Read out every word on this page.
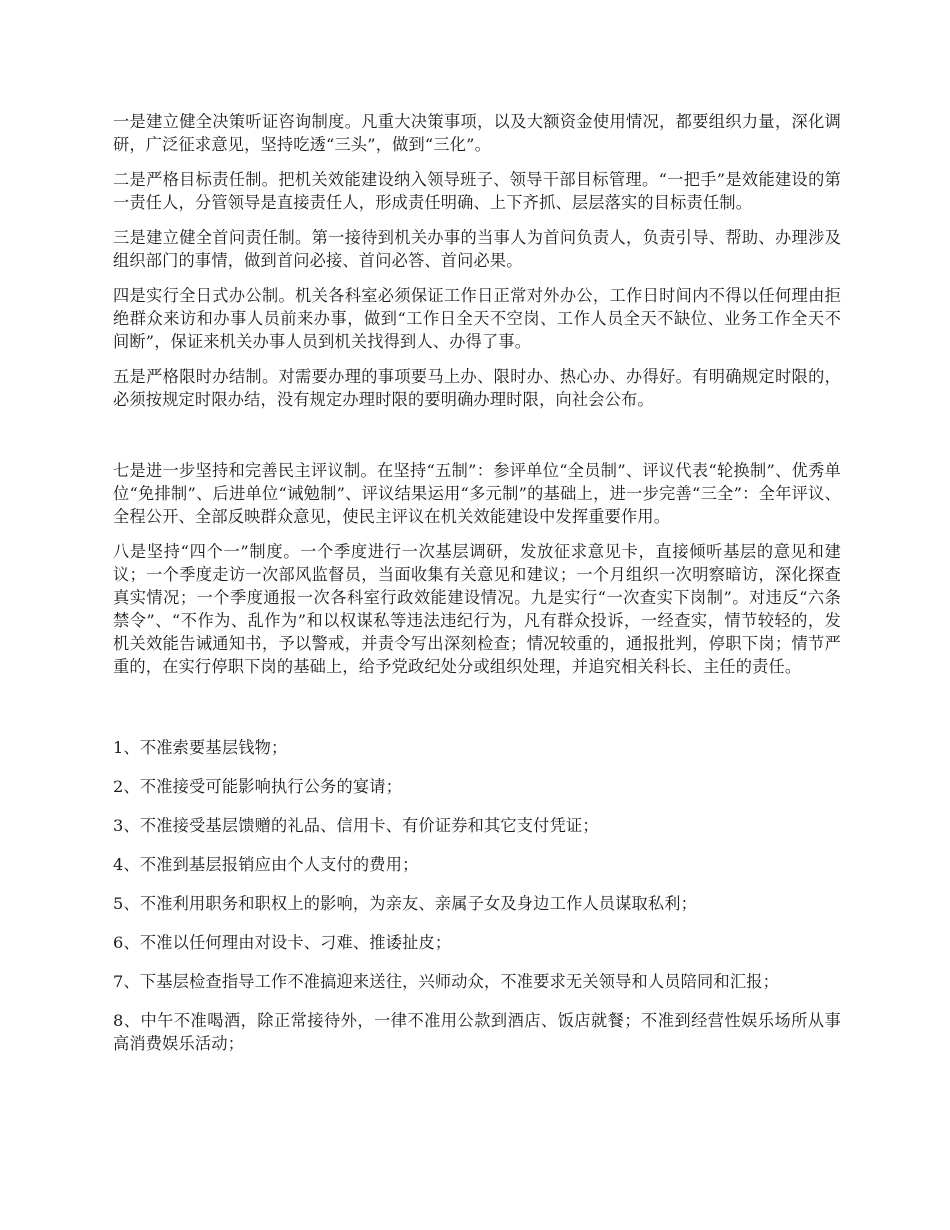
一是建立健全决策听证咨询制度。凡重大决策事项，以及大额资金使用情况，都要组织力量，深化调研，广泛征求意见，坚持吃透“三头”，做到“三化”。

二是严格目标责任制。把机关效能建设纳入领导班子、领导干部目标管理。“一把手”是效能建设的第一责任人，分管领导是直接责任人，形成责任明确、上下齐抓、层层落实的目标责任制。

三是建立健全首问责任制。第一接待到机关办事的当事人为首问负责人，负责引导、帮助、办理涉及组织部门的事情，做到首问必接、首问必答、首问必果。

四是实行全日式办公制。机关各科室必须保证工作日正常对外办公，工作日时间内不得以任何理由拒绝群众来访和办事人员前来办事，做到“工作日全天不空岗、工作人员全天不缺位、业务工作全天不间断”，保证来机关办事人员到机关找得到人、办得了事。

五是严格限时办结制。对需要办理的事项要马上办、限时办、热心办、办得好。有明确规定时限的，必须按规定时限办结，没有规定办理时限的要明确办理时限，向社会公布。

七是进一步坚持和完善民主评议制。在坚持“五制”：参评单位“全员制”、评议代表“轮换制”、优秀单位“免排制”、后进单位“诫勉制”、评议结果运用“多元制”的基础上，进一步完善“三全”：全年评议、全程公开、全部反映群众意见，使民主评议在机关效能建设中发挥重要作用。

八是坚持“四个一”制度。一个季度进行一次基层调研，发放征求意见卡，直接倾听基层的意见和建议；一个季度走访一次部风监督员，当面收集有关意见和建议；一个月组织一次明察暗访，深化探查真实情况；一个季度通报一次各科室行政效能建设情况。九是实行“一次查实下岗制”。对违反“六条禁令”、“不作为、乱作为”和以权谋私等违法违纪行为，凡有群众投诉，一经查实，情节较轻的，发机关效能告诫通知书，予以警戒，并责令写出深刻检查；情况较重的，通报批判，停职下岗；情节严重的，在实行停职下岗的基础上，给予党政纪处分或组织处理，并追究相关科长、主任的责任。

1、不准索要基层钱物；

2、不准接受可能影响执行公务的宴请；

3、不准接受基层馈赠的礼品、信用卡、有价证券和其它支付凭证；

4、不准到基层报销应由个人支付的费用；

5、不准利用职务和职权上的影响，为亲友、亲属子女及身边工作人员谋取私利；

6、不准以任何理由对设卡、刁难、推诿扯皮；

7、下基层检查指导工作不准搞迎来送往，兴师动众，不准要求无关领导和人员陪同和汇报；

8、中午不准喝酒，除正常接待外，一律不准用公款到酒店、饭店就餐；不准到经营性娱乐场所从事高消费娱乐活动；
